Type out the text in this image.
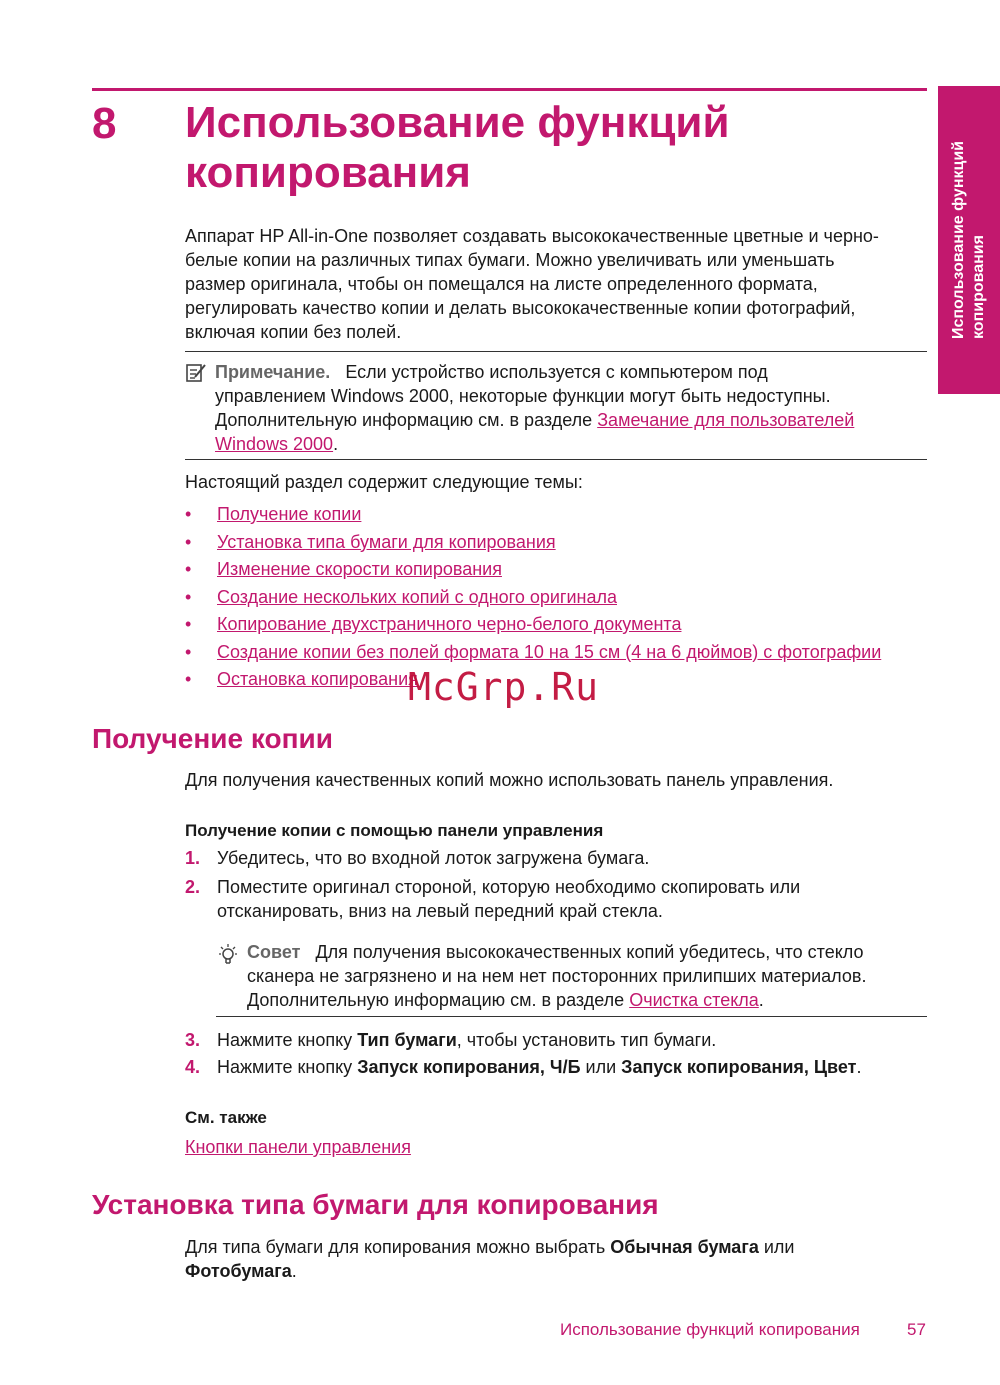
Использование функций копирования
8 Использование функций
копирования
Аппарат HP All-in-One позволяет создавать высококачественные цветные и черно-
белые копии на различных типах бумаги. Можно увеличивать или уменьшать
размер оригинала, чтобы он помещался на листе определенного формата,
регулировать качество копии и делать высококачественные копии фотографий,
включая копии без полей.
Примечание. Если устройство используется с компьютером под
управлением Windows 2000, некоторые функции могут быть недоступны.
Дополнительную информацию см. в разделе Замечание для пользователей
Windows 2000.
Настоящий раздел содержит следующие темы:
• Получение копии
• Установка типа бумаги для копирования
• Изменение скорости копирования
• Создание нескольких копий с одного оригинала
• Копирование двухстраничного черно-белого документа
• Создание копии без полей формата 10 на 15 см (4 на 6 дюймов) с фотографии
• Остановка копирования
McGrp.Ru
Получение копии
Для получения качественных копий можно использовать панель управления.
Получение копии с помощью панели управления
1. Убедитесь, что во входной лоток загружена бумага.
2. Поместите оригинал стороной, которую необходимо скопировать или
отсканировать, вниз на левый передний край стекла.
Совет Для получения высококачественных копий убедитесь, что стекло
сканера не загрязнено и на нем нет посторонних прилипших материалов.
Дополнительную информацию см. в разделе Очистка стекла.
3. Нажмите кнопку Тип бумаги, чтобы установить тип бумаги.
4. Нажмите кнопку Запуск копирования, Ч/Б или Запуск копирования, Цвет.
См. также
Кнопки панели управления
Установка типа бумаги для копирования
Для типа бумаги для копирования можно выбрать Обычная бумага или
Фотобумага.
Использование функций копирования	57
